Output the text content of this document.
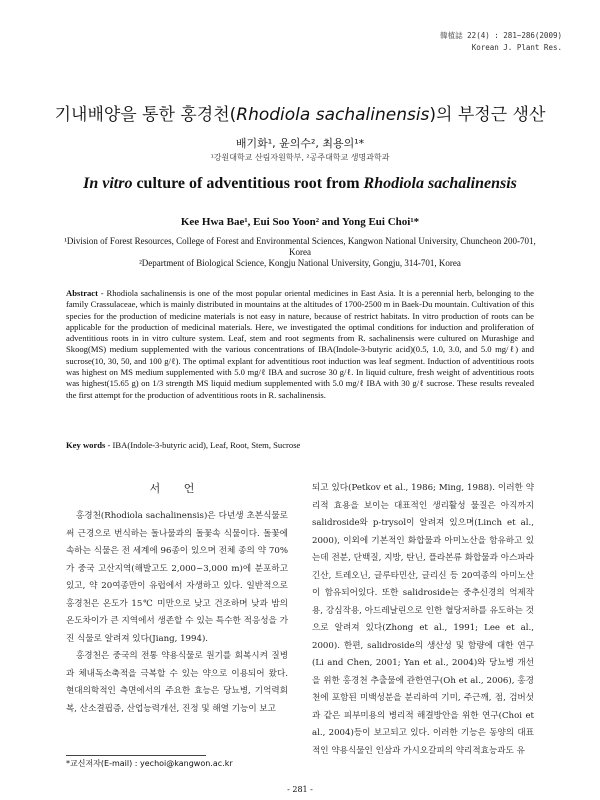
韓植誌 22(4) : 281~286(2009)
Korean J. Plant Res.
기내배양을 통한 홍경천(Rhodiola sachalinensis)의 부정근 생산
배기화¹, 윤의수², 최용의¹*
¹강원대학교 산림자원학부, ²공주대학교 생명과학과
In vitro culture of adventitious root from Rhodiola sachalinensis
Kee Hwa Bae¹, Eui Soo Yoon² and Yong Eui Choi¹*
¹Division of Forest Resources, College of Forest and Environmental Sciences, Kangwon National University, Chuncheon 200-701, Korea
²Department of Biological Science, Kongju National University, Gongju, 314-701, Korea
Abstract - Rhodiola sachalinensis is one of the most popular oriental medicines in East Asia. It is a perennial herb, belonging to the family Crassulaceae, which is mainly distributed in mountains at the altitudes of 1700-2500 m in Baek-Du mountain. Cultivation of this species for the production of medicine materials is not easy in nature, because of restrict habitats. In vitro production of roots can be applicable for the production of medicinal materials. Here, we investigated the optimal conditions for induction and proliferation of adventitious roots in in vitro culture system. Leaf, stem and root segments from R. sachalinensis were cultured on Murashige and Skoog(MS) medium supplemented with the various concentrations of IBA(Indole-3-butyric acid)(0.5, 1.0, 3.0, and 5.0 mg/ℓ) and sucrose(10, 30, 50, and 100 g/ℓ). The optimal explant for adventitious root induction was leaf segment. Induction of adventitious roots was highest on MS medium supplemented with 5.0 mg/ℓ IBA and sucrose 30 g/ℓ. In liquid culture, fresh weight of adventitious roots was highest(15.65 g) on 1/3 strength MS liquid medium supplemented with 5.0 mg/ℓ IBA with 30 g/ℓ sucrose. These results revealed the first attempt for the production of adventitious roots in R. sachalinensis.
Key words - IBA(Indole-3-butyric acid), Leaf, Root, Stem, Sucrose
서 언

홍경천(Rhodiola sachalinensis)은 다년생 초본식물로써 근경으로 번식하는 돌나물과의 돌꽃속 식물이다. 돌꽃에 속하는 식물은 전 세계에 96종이 있으며 전체 종의 약 70%가 중국 고산지역(해발고도 2,000~3,000 m)에 분포하고 있고, 약 20여종만이 유럽에서 자생하고 있다. 일반적으로 홍경천은 온도가 15℃ 미만으로 낮고 건조하며 낮과 밤의 온도차이가 큰 지역에서 생존할 수 있는 특수한 적응성을 가진 식물로 알려져 있다(Jiang, 1994).

홍경천은 중국의 전통 약용식물로 원기를 회복시켜 질병과 체내독소축적을 극복할 수 있는 약으로 이용되어 왔다. 현대의학적인 측면에서의 주요한 효능은 당뇨병, 기억력회복, 산소결핍증, 산업능력개선, 진정 및 해열 기능이 보고

되고 있다(Petkov et al., 1986; Ming, 1988). 이러한 약리적 효용을 보이는 대표적인 생리활성 물질은 아직까지 salidroside와 p-trysol이 알려져 있으며(Linch et al., 2000), 이외에 기본적인 화합물과 아미노산을 함유하고 있는데 전분, 단백질, 지방, 탄닌, 플라본류 화합물과 아스파라긴산, 트레오닌, 글루타민산, 글리신 등 20여종의 아미노산이 함유되어있다. 또한 salidroside는 중추신경의 억제작용, 강심작용, 아드레날린으로 인한 혈당저하를 유도하는 것으로 알려져 있다(Zhong et al., 1991; Lee et al., 2000). 한편, salidroside의 생산성 및 함량에 대한 연구(Li and Chen, 2001; Yan et al., 2004)와 당뇨병 개선을 위한 홍경천 추출물에 관한연구(Oh et al., 2006), 홍경천에 포함된 미백성분을 분리하여 기미, 주근깨, 점, 검버섯과 같은 피부미용의 병리적 해결방안을 위한 연구(Choi et al., 2004)등이 보고되고 있다. 이러한 기능은 동양의 대표적인 약용식물인 인삼과 가시오갈피의 약리적효능과도 유

*교신저자(E-mail) : yechoi@kangwon.ac.kr
- 281 -
